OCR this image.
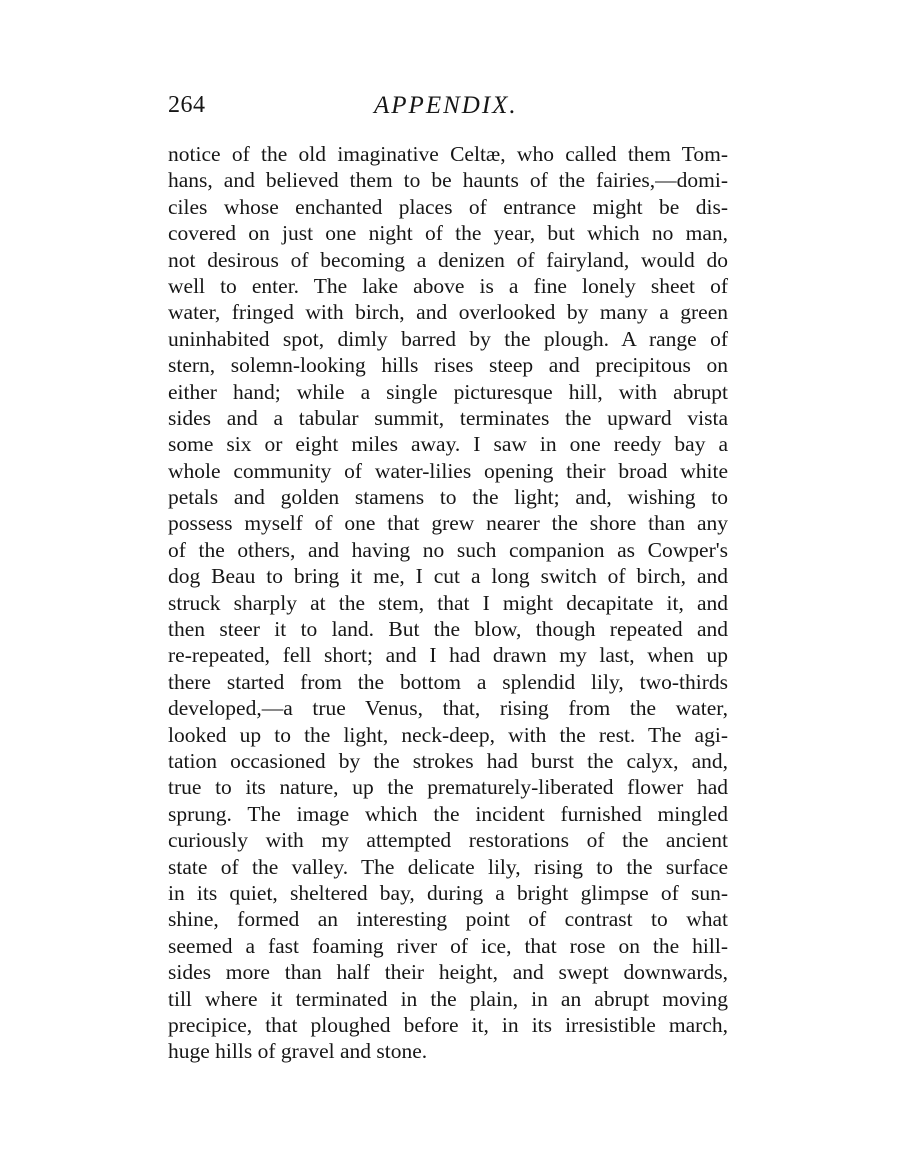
264	APPENDIX.
notice of the old imaginative Celtæ, who called them Tom-
hans, and believed them to be haunts of the fairies,—domi-
ciles whose enchanted places of entrance might be dis-
covered on just one night of the year, but which no man,
not desirous of becoming a denizen of fairyland, would do
well to enter. The lake above is a fine lonely sheet of
water, fringed with birch, and overlooked by many a green
uninhabited spot, dimly barred by the plough. A range of
stern, solemn-looking hills rises steep and precipitous on
either hand; while a single picturesque hill, with abrupt
sides and a tabular summit, terminates the upward vista
some six or eight miles away. I saw in one reedy bay a
whole community of water-lilies opening their broad white
petals and golden stamens to the light; and, wishing to
possess myself of one that grew nearer the shore than any
of the others, and having no such companion as Cowper's
dog Beau to bring it me, I cut a long switch of birch, and
struck sharply at the stem, that I might decapitate it, and
then steer it to land. But the blow, though repeated and
re-repeated, fell short; and I had drawn my last, when up
there started from the bottom a splendid lily, two-thirds
developed,—a true Venus, that, rising from the water,
looked up to the light, neck-deep, with the rest. The agi-
tation occasioned by the strokes had burst the calyx, and,
true to its nature, up the prematurely-liberated flower had
sprung. The image which the incident furnished mingled
curiously with my attempted restorations of the ancient
state of the valley. The delicate lily, rising to the surface
in its quiet, sheltered bay, during a bright glimpse of sun-
shine, formed an interesting point of contrast to what
seemed a fast foaming river of ice, that rose on the hill-
sides more than half their height, and swept downwards,
till where it terminated in the plain, in an abrupt moving
precipice, that ploughed before it, in its irresistible march,
huge hills of gravel and stone.
